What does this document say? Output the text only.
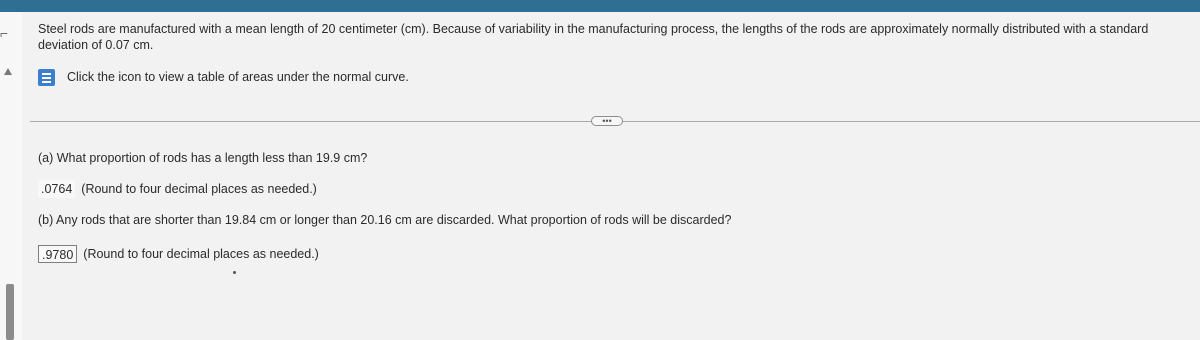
⌐ Steel rods are manufactured with a mean length of 20 centimeter (cm). Because of variability in the manufacturing process, the lengths of the rods are approximately normally distributed with a standard deviation of 0.07 cm.

Click the icon to view a table of areas under the normal curve.
•••
(a) What proportion of rods has a length less than 19.9 cm?
.0764 (Round to four decimal places as needed.)
(b) Any rods that are shorter than 19.84 cm or longer than 20.16 cm are discarded. What proportion of rods will be discarded?
.9780 (Round to four decimal places as needed.)
